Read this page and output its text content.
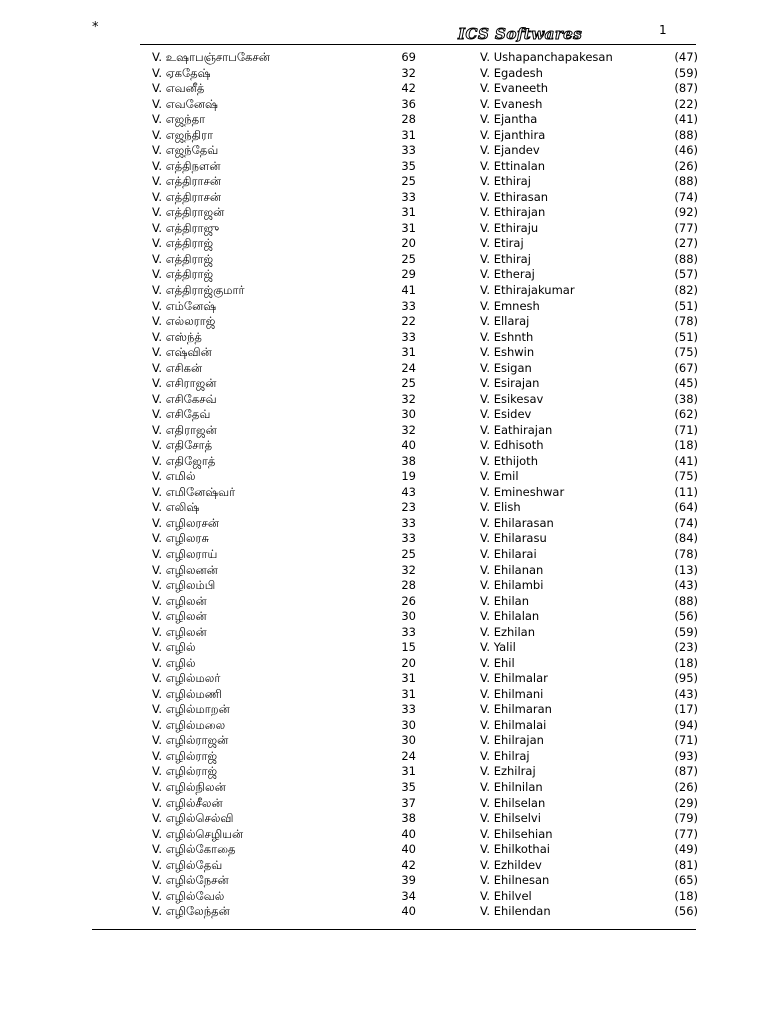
*	ICS Softwares	1
V. உஷாபஞ்சாபகேசன்	69	V. Ushapanchapakesan	(47)
V. ஏகதேஷ்	32	V. Egadesh	(59)
V. எவனீத்	42	V. Evaneeth	(87)
V. எவனேஷ்	36	V. Evanesh	(22)
V. எஜந்தா	28	V. Ejantha	(41)
V. எஜந்திரா	31	V. Ejanthira	(88)
V. எஜந்தேவ்	33	V. Ejandev	(46)
V. எத்திநளன்	35	V. Ettinalan	(26)
V. எத்திராசன்	25	V. Ethiraj	(88)
V. எத்திராசன்	33	V. Ethirasan	(74)
V. எத்திராஜன்	31	V. Ethirajan	(92)
V. எத்திராஜு	31	V. Ethiraju	(77)
V. எத்திராஜ்	20	V. Etiraj	(27)
V. எத்திராஜ்	25	V. Ethiraj	(88)
V. எத்திராஜ்	29	V. Etheraj	(57)
V. எத்திராஜ்குமார்	41	V. Ethirajakumar	(82)
V. எம்னேஷ்	33	V. Emnesh	(51)
V. எல்லராஜ்	22	V. Ellaraj	(78)
V. எஸ்ந்த்	33	V. Eshnth	(51)
V. எஷ்வின்	31	V. Eshwin	(75)
V. எசிகன்	24	V. Esigan	(67)
V. எசிராஜன்	25	V. Esirajan	(45)
V. எசிகேசவ்	32	V. Esikesav	(38)
V. எசிதேவ்	30	V. Esidev	(62)
V. எதிராஜன்	32	V. Eathirajan	(71)
V. எதிசோத்	40	V. Edhisoth	(18)
V. எதிஜோத்	38	V. Ethijoth	(41)
V. எமில்	19	V. Emil	(75)
V. எமினேஷ்வர்	43	V. Emineshwar	(11)
V. எலிஷ்	23	V. Elish	(64)
V. எழிலரசன்	33	V. Ehilarasan	(74)
V. எழிலரசு	33	V. Ehilarasu	(84)
V. எழிலராய்	25	V. Ehilarai	(78)
V. எழிலனன்	32	V. Ehilanan	(13)
V. எழிலம்பி	28	V. Ehilambi	(43)
V. எழிலன்	26	V. Ehilan	(88)
V. எழிலன்	30	V. Ehilalan	(56)
V. எழிலன்	33	V. Ezhilan	(59)
V. எழில்	15	V. Yalil	(23)
V. எழில்	20	V. Ehil	(18)
V. எழில்மலர்	31	V. Ehilmalar	(95)
V. எழில்மணி	31	V. Ehilmani	(43)
V. எழில்மாறன்	33	V. Ehilmaran	(17)
V. எழில்மலை	30	V. Ehilmalai	(94)
V. எழில்ராஜன்	30	V. Ehilrajan	(71)
V. எழில்ராஜ்	24	V. Ehilraj	(93)
V. எழில்ராஜ்	31	V. Ezhilraj	(87)
V. எழில்நிலன்	35	V. Ehilnilan	(26)
V. எழில்சீலன்	37	V. Ehilselan	(29)
V. எழில்செல்வி	38	V. Ehilselvi	(79)
V. எழில்செழியன்	40	V. Ehilsehian	(77)
V. எழில்கோதை	40	V. Ehilkothai	(49)
V. எழில்தேவ்	42	V. Ezhildev	(81)
V. எழில்நேசன்	39	V. Ehilnesan	(65)
V. எழில்வேல்	34	V. Ehilvel	(18)
V. எழிலேந்தன்	40	V. Ehilendan	(56)
